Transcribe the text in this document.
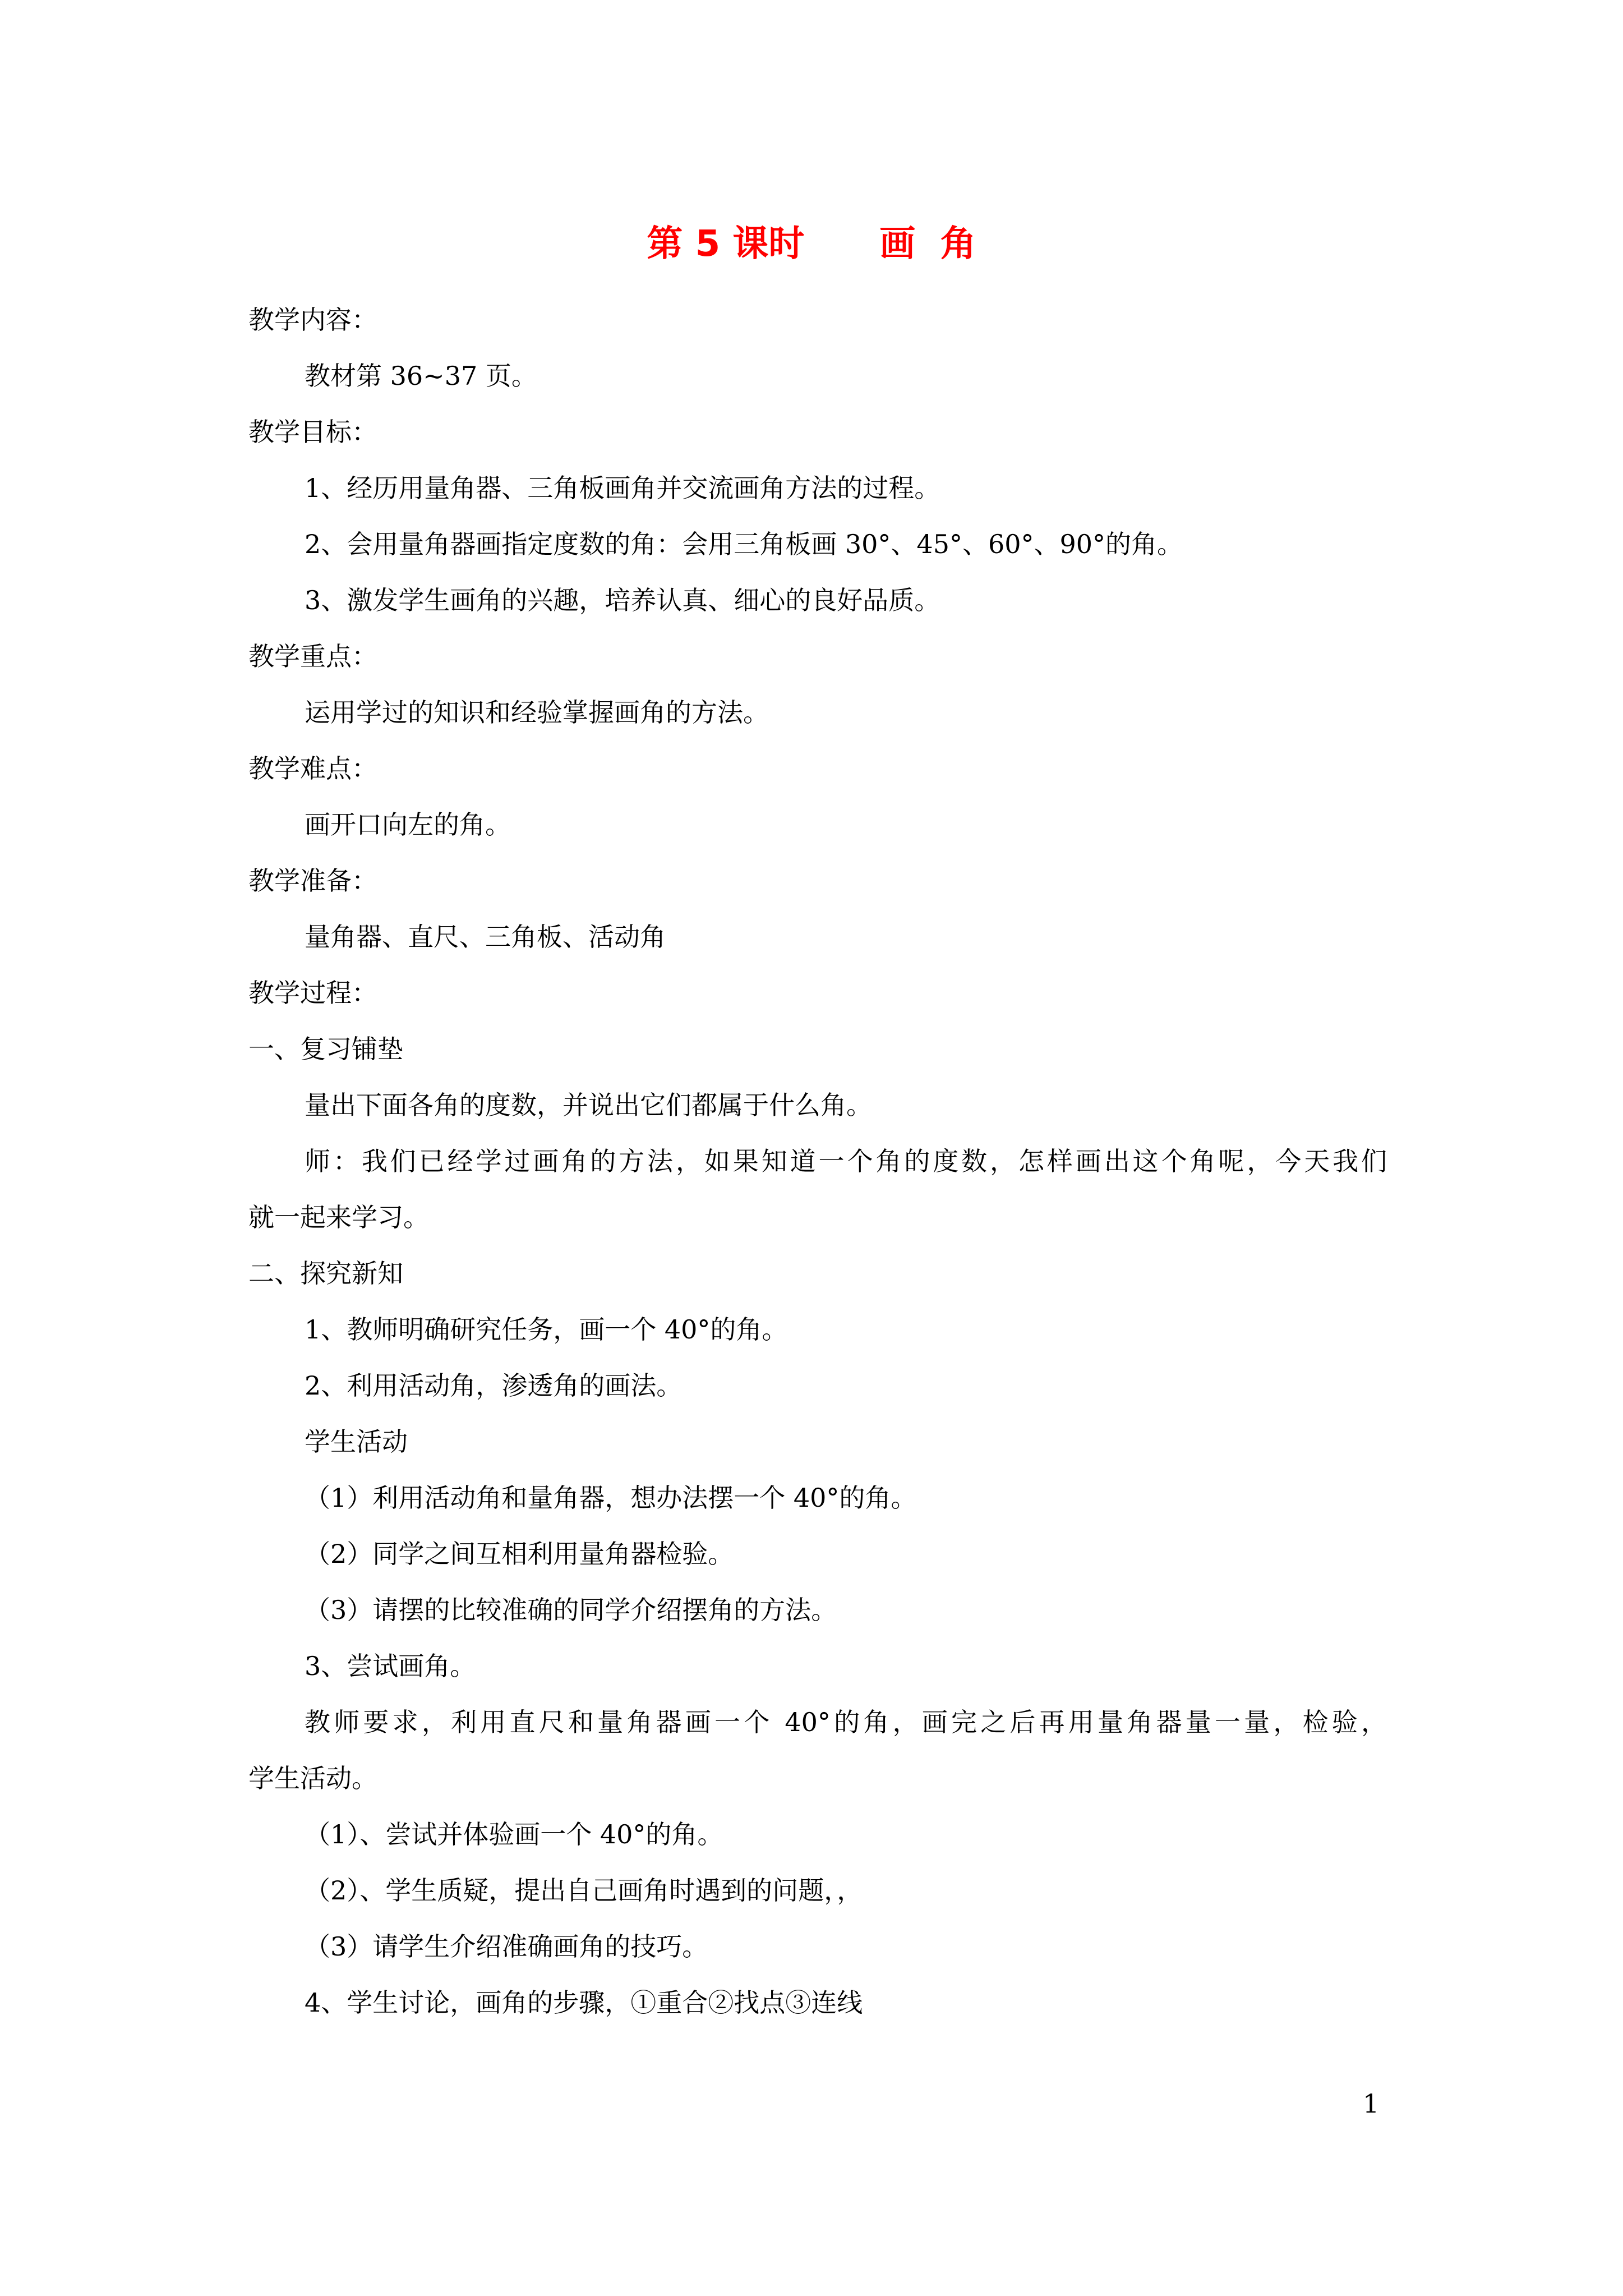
第 5 课时      画  角
教学内容：
教材第 36~37 页。
教学目标：
1、经历用量角器、三角板画角并交流画角方法的过程。
2、会用量角器画指定度数的角：会用三角板画 30°、45°、60°、90°的角。
3、激发学生画角的兴趣，培养认真、细心的良好品质。
教学重点：
运用学过的知识和经验掌握画角的方法。
教学难点：
画开口向左的角。
教学准备：
量角器、直尺、三角板、活动角
教学过程：
一、复习铺垫
量出下面各角的度数，并说出它们都属于什么角。
师：我们已经学过画角的方法，如果知道一个角的度数，怎样画出这个角呢，今天我们
就一起来学习。
二、探究新知
1、教师明确研究任务，画一个 40°的角。
2、利用活动角，渗透角的画法。
学生活动
（1）利用活动角和量角器，想办法摆一个 40°的角。
（2）同学之间互相利用量角器检验。
（3）请摆的比较准确的同学介绍摆角的方法。
3、尝试画角。
教师要求，利用直尺和量角器画一个 40°的角，画完之后再用量角器量一量，检验，
学生活动。
（1）、尝试并体验画一个 40°的角。
（2）、学生质疑，提出自己画角时遇到的问题，，
（3）请学生介绍准确画角的技巧。
4、学生讨论，画角的步骤，①重合②找点③连线
1
